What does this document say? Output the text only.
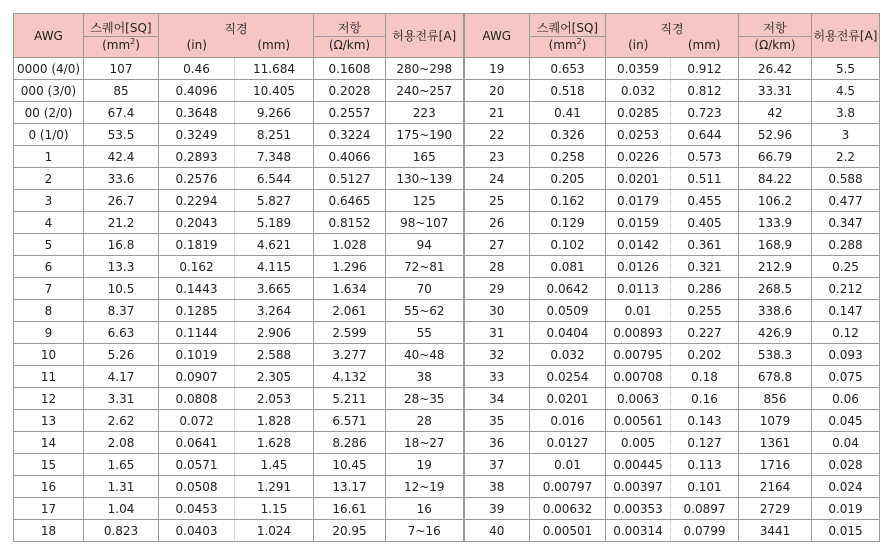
AWG	스퀘어[SQ]	직경		저항	허용전류[A]	AWG	스퀘어[SQ]	직경		저항	허용전류[A]
	$(mm^2)$	(in)	(mm)	(Ω/km)			$(mm^2)$	(in)	(mm)	(Ω/km)	
0000 (4/0)	107	0.46	11.684	0.1608	280~298	19	0.653	0.0359	0.912	26.42	5.5
000 (3/0)	85	0.4096	10.405	0.2028	240~257	20	0.518	0.032	0.812	33.31	4.5
00 (2/0)	67.4	0.3648	9.266	0.2557	223	21	0.41	0.0285	0.723	42	3.8
0 (1/0)	53.5	0.3249	8.251	0.3224	175~190	22	0.326	0.0253	0.644	52.96	3
1	42.4	0.2893	7.348	0.4066	165	23	0.258	0.0226	0.573	66.79	2.2
2	33.6	0.2576	6.544	0.5127	130~139	24	0.205	0.0201	0.511	84.22	0.588
3	26.7	0.2294	5.827	0.6465	125	25	0.162	0.0179	0.455	106.2	0.477
4	21.2	0.2043	5.189	0.8152	98~107	26	0.129	0.0159	0.405	133.9	0.347
5	16.8	0.1819	4.621	1.028	94	27	0.102	0.0142	0.361	168.9	0.288
6	13.3	0.162	4.115	1.296	72~81	28	0.081	0.0126	0.321	212.9	0.25
7	10.5	0.1443	3.665	1.634	70	29	0.0642	0.0113	0.286	268.5	0.212
8	8.37	0.1285	3.264	2.061	55~62	30	0.0509	0.01	0.255	338.6	0.147
9	6.63	0.1144	2.906	2.599	55	31	0.0404	0.00893	0.227	426.9	0.12
10	5.26	0.1019	2.588	3.277	40~48	32	0.032	0.00795	0.202	538.3	0.093
11	4.17	0.0907	2.305	4.132	38	33	0.0254	0.00708	0.18	678.8	0.075
12	3.31	0.0808	2.053	5.211	28~35	34	0.0201	0.0063	0.16	856	0.06
13	2.62	0.072	1.828	6.571	28	35	0.016	0.00561	0.143	1079	0.045
14	2.08	0.0641	1.628	8.286	18~27	36	0.0127	0.005	0.127	1361	0.04
15	1.65	0.0571	1.45	10.45	19	37	0.01	0.00445	0.113	1716	0.028
16	1.31	0.0508	1.291	13.17	12~19	38	0.00797	0.00397	0.101	2164	0.024
17	1.04	0.0453	1.15	16.61	16	39	0.00632	0.00353	0.0897	2729	0.019
18	0.823	0.0403	1.024	20.95	7~16	40	0.00501	0.00314	0.0799	3441	0.015
